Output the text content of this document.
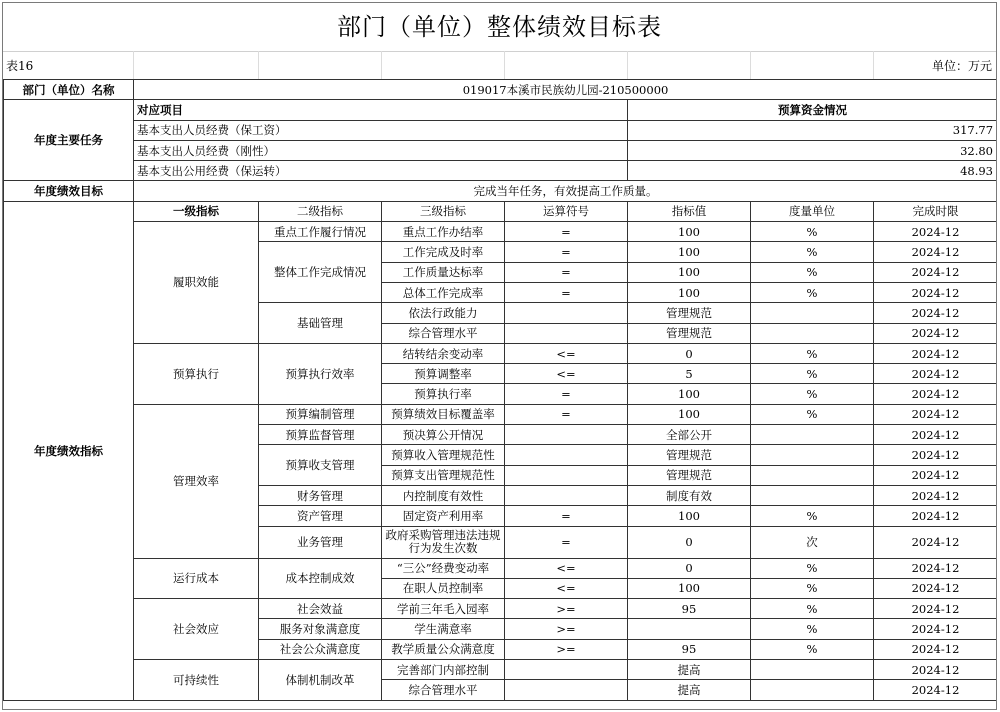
部门（单位）整体绩效目标表
表16	单位：万元
部门（单位）名称	019017本溪市民族幼儿园-210500000						
年度主要任务	对应项目				预算资金情况		
	基本支出人员经费（保工资）				317.77		
	基本支出人员经费（刚性）				32.80		
	基本支出公用经费（保运转）				48.93		
年度绩效目标	完成当年任务，有效提高工作质量。						
年度绩效指标	一级指标	二级指标	三级指标	运算符号	指标值	度量单位	完成时限
	履职效能	重点工作履行情况	重点工作办结率	=	100	%	2024-12
		整体工作完成情况	工作完成及时率	=	100	%	2024-12
			工作质量达标率	=	100	%	2024-12
			总体工作完成率	=	100	%	2024-12
		基础管理	依法行政能力		管理规范		2024-12
			综合管理水平		管理规范		2024-12
	预算执行	预算执行效率	结转结余变动率	<=	0	%	2024-12
			预算调整率	<=	5	%	2024-12
			预算执行率	=	100	%	2024-12
	管理效率	预算编制管理	预算绩效目标覆盖率	=	100	%	2024-12
		预算监督管理	预决算公开情况		全部公开		2024-12
		预算收支管理	预算收入管理规范性		管理规范		2024-12
			预算支出管理规范性		管理规范		2024-12
		财务管理	内控制度有效性		制度有效		2024-12
		资产管理	固定资产利用率	=	100	%	2024-12
		业务管理	政府采购管理违法违规行为发生次数	=	0	次	2024-12
	运行成本	成本控制成效	“三公”经费变动率	<=	0	%	2024-12
			在职人员控制率	<=	100	%	2024-12
	社会效应	社会效益	学前三年毛入园率	>=	95	%	2024-12
		服务对象满意度	学生满意率	>=		%	2024-12
		社会公众满意度	教学质量公众满意度	>=	95	%	2024-12
	可持续性	体制机制改革	完善部门内部控制		提高		2024-12
			综合管理水平		提高		2024-12
